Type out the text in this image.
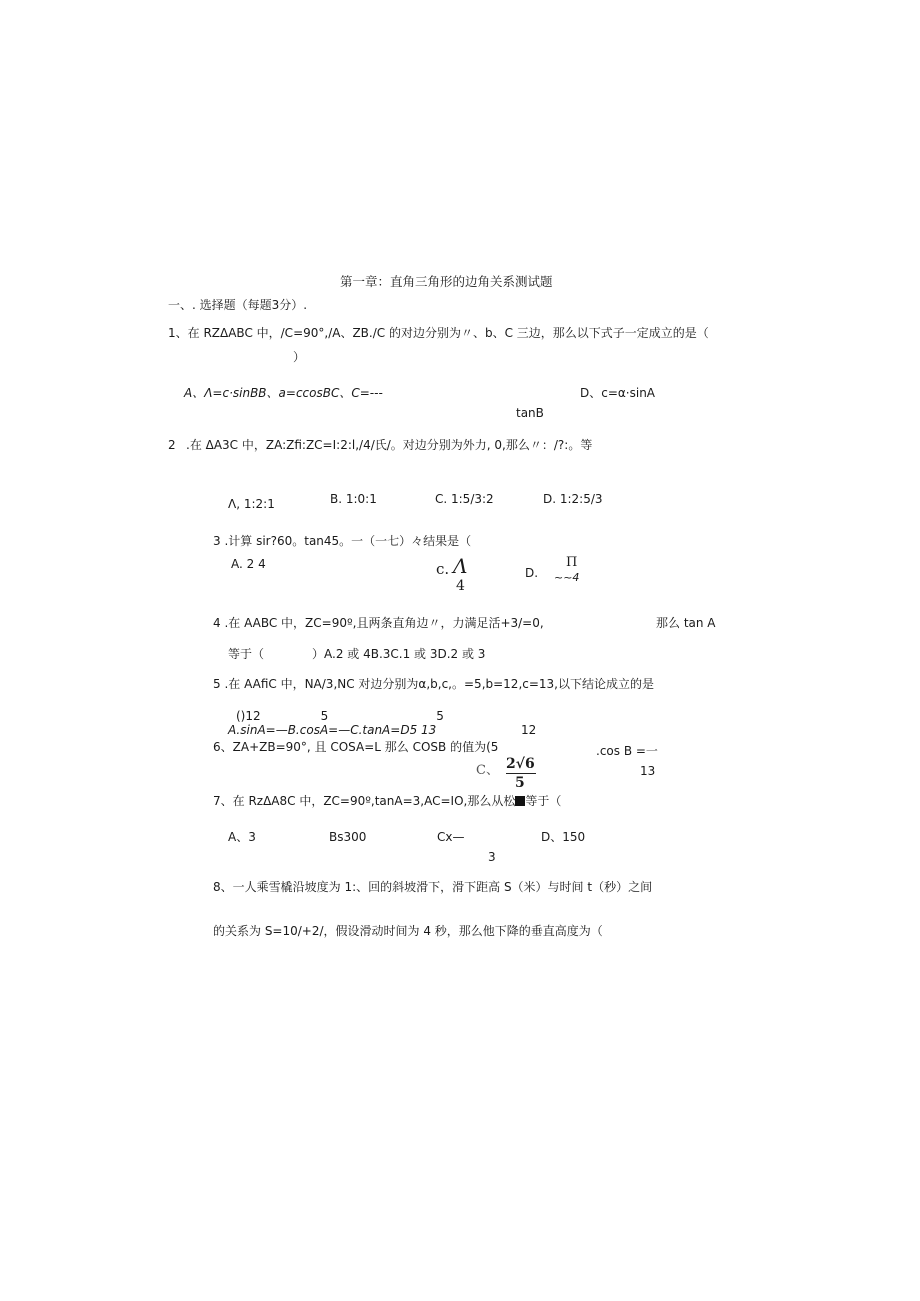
第一章：直角三角形的边角关系测试题
一、. 选择题（每题3分）.
1、在 RZΔABC 中，/C=90°,/A、ZB./C 的对边分别为〃、b、C 三边，那么以下式子一定成立的是（
）
A、Λ=c·sinBB、a=ccosBC、C=---	D、c=α·sinA
tanB
2 .在 ΔA3C 中，ZA:Zfi:ZC=I:2:l,/4/氏/。对边分别为外力, 0,那么〃：/?:。等
Λ, 1:2:1	B. 1:0:1	C. 1:5/3:2	D. 1:2:5/3
3 .计算 sir?60。tan45。一（一七）々结果是（
A. 2 4	c. Λ
4
D.
Π
~~4
4 .在 AABC 中，ZC=90º,且两条直角边〃，力满足活+3/=0,	那么 tan A
等于（　　　　）A.2 或 4B.3C.1 或 3D.2 或 3
5 .在 AAfiC 中，NA/3,NC 对边分别为α,b,c,。=5,b=12,c=13,以下结论成立的是
()12　　　　　5　　　　　　　　　5
A.sinA=—B.cosA=—C.tanA=D5 13	12
6、ZA+ZB=90°, 且 COSA=L 那么 COSB 的值为(5
C、 2√6
5
.cos B =一
13
7、在 RzΔA8C 中，ZC=90º,tanA=3,AC=IO,那么从松 等于（
A、3	Bs300	Cx—
3
D、150
8、一人乘雪橇沿坡度为 1:、回的斜坡滑下，滑下距高 S（米）与时间 t（秒）之间
的关系为 S=10/+2/，假设滑动时间为 4 秒，那么他下降的垂直高度为（
